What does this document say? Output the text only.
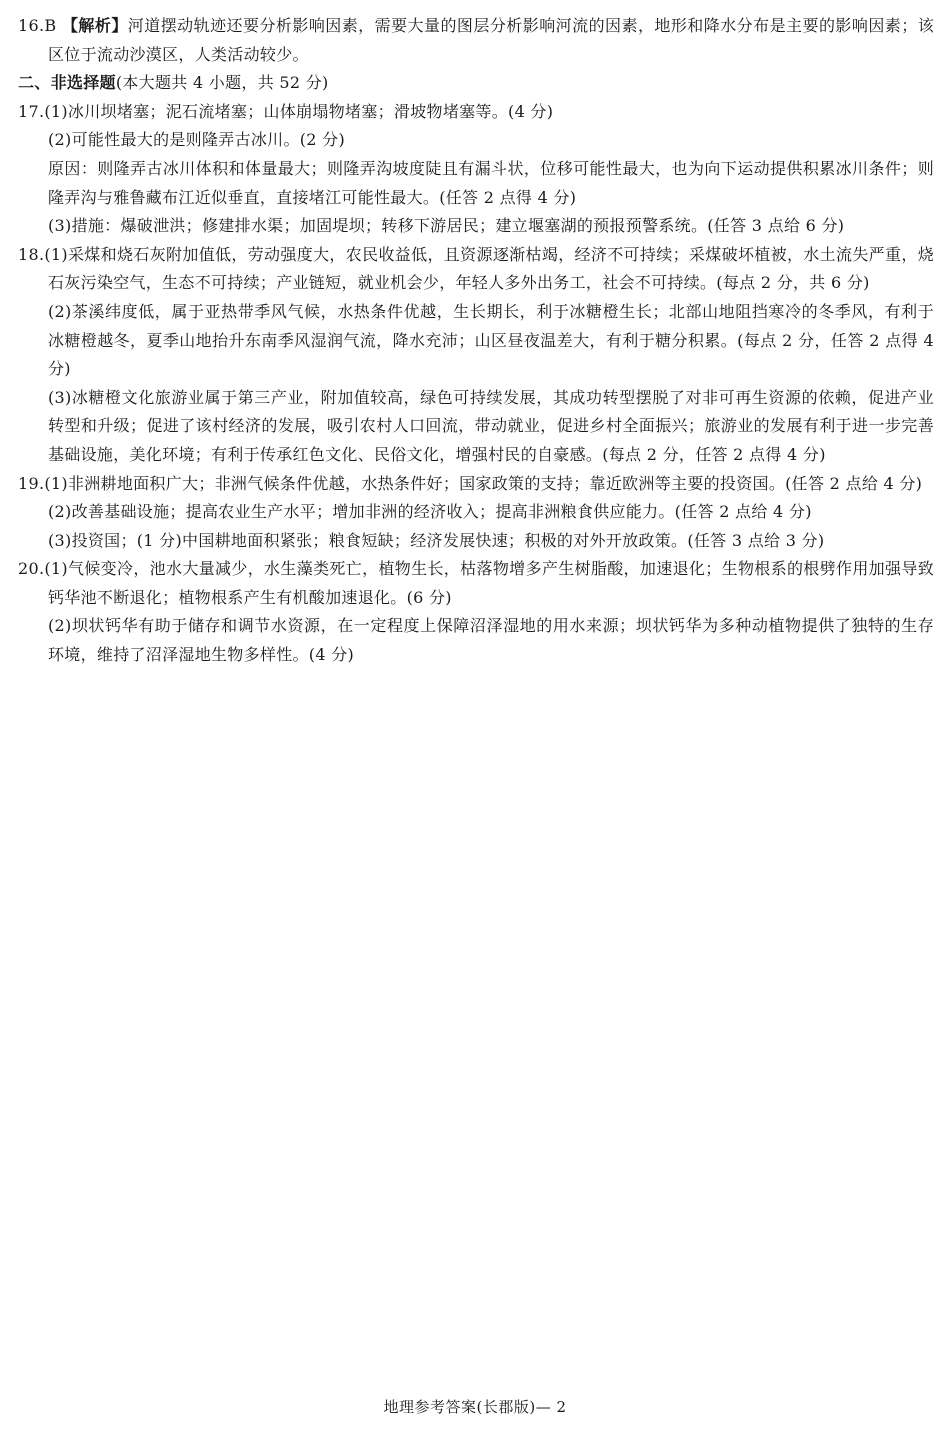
16.B 【解析】河道摆动轨迹还要分析影响因素，需要大量的图层分析影响河流的因素，地形和降水分布是主要的影响因素；该区位于流动沙漠区，人类活动较少。

二、非选择题(本大题共 4 小题，共 52 分)

17.(1)冰川坝堵塞；泥石流堵塞；山体崩塌物堵塞；滑坡物堵塞等。(4 分)

(2)可能性最大的是则隆弄古冰川。(2 分)

原因：则隆弄古冰川体积和体量最大；则隆弄沟坡度陡且有漏斗状，位移可能性最大，也为向下运动提供积累冰川条件；则隆弄沟与雅鲁藏布江近似垂直，直接堵江可能性最大。(任答 2 点得 4 分)

(3)措施：爆破泄洪；修建排水渠；加固堤坝；转移下游居民；建立堰塞湖的预报预警系统。(任答 3 点给 6 分)

18.(1)采煤和烧石灰附加值低，劳动强度大，农民收益低，且资源逐渐枯竭，经济不可持续；采煤破坏植被，水土流失严重，烧石灰污染空气，生态不可持续；产业链短，就业机会少，年轻人多外出务工，社会不可持续。(每点 2 分，共 6 分)

(2)茶溪纬度低，属于亚热带季风气候，水热条件优越，生长期长，利于冰糖橙生长；北部山地阻挡寒冷的冬季风，有利于冰糖橙越冬，夏季山地抬升东南季风湿润气流，降水充沛；山区昼夜温差大，有利于糖分积累。(每点 2 分，任答 2 点得 4 分)

(3)冰糖橙文化旅游业属于第三产业，附加值较高，绿色可持续发展，其成功转型摆脱了对非可再生资源的依赖，促进产业转型和升级；促进了该村经济的发展，吸引农村人口回流，带动就业，促进乡村全面振兴；旅游业的发展有利于进一步完善基础设施，美化环境；有利于传承红色文化、民俗文化，增强村民的自豪感。(每点 2 分，任答 2 点得 4 分)

19.(1)非洲耕地面积广大；非洲气候条件优越，水热条件好；国家政策的支持；靠近欧洲等主要的投资国。(任答 2 点给 4 分)

(2)改善基础设施；提高农业生产水平；增加非洲的经济收入；提高非洲粮食供应能力。(任答 2 点给 4 分)

(3)投资国；(1 分)中国耕地面积紧张；粮食短缺；经济发展快速；积极的对外开放政策。(任答 3 点给 3 分)

20.(1)气候变冷，池水大量减少，水生藻类死亡，植物生长，枯落物增多产生树脂酸，加速退化；生物根系的根劈作用加强导致钙华池不断退化；植物根系产生有机酸加速退化。(6 分)

(2)坝状钙华有助于储存和调节水资源，在一定程度上保障沼泽湿地的用水来源；坝状钙华为多种动植物提供了独特的生存环境，维持了沼泽湿地生物多样性。(4 分)

地理参考答案(长郡版)— 2
